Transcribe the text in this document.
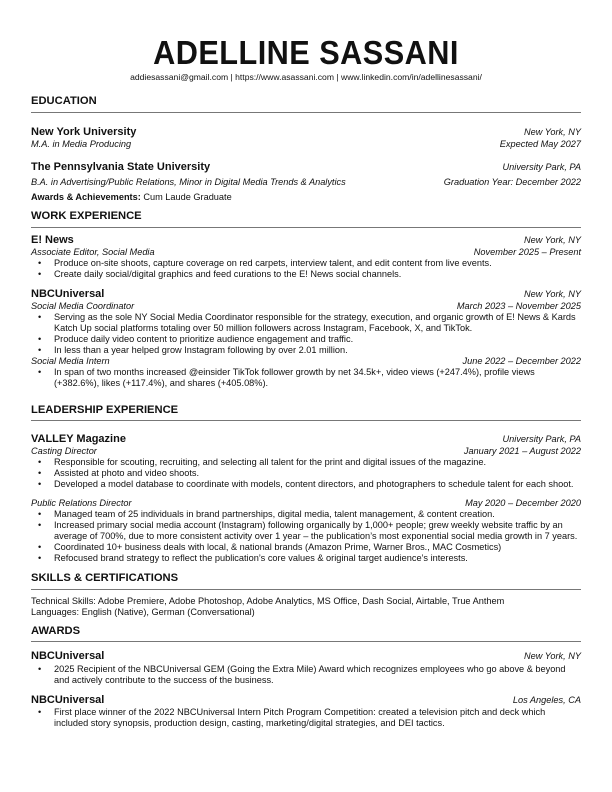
ADELLINE SASSANI
addiesassani@gmail.com | https://www.asassani.com | www.linkedin.com/in/adellinesassani/
EDUCATION
New York University	New York, NY
M.A. in Media Producing	Expected May 2027
The Pennsylvania State University	University Park, PA
B.A. in Advertising/Public Relations, Minor in Digital Media Trends & Analytics	Graduation Year: December 2022
Awards & Achievements: Cum Laude Graduate
WORK EXPERIENCE
E! News	New York, NY
Associate Editor, Social Media	November 2025 – Present
• Produce on-site shoots, capture coverage on red carpets, interview talent, and edit content from live events.
• Create daily social/digital graphics and feed curations to the E! News social channels.
NBCUniversal	New York, NY
Social Media Coordinator	March 2023 – November 2025
• Serving as the sole NY Social Media Coordinator responsible for the strategy, execution, and organic growth of E! News & Kards Katch Up social platforms totaling over 50 million followers across Instagram, Facebook, X, and TikTok.
• Produce daily video content to prioritize audience engagement and traffic.
• In less than a year helped grow Instagram following by over 2.01 million.
Social Media Intern	June 2022 – December 2022
• In span of two months increased @einsider TikTok follower growth by net 34.5k+, video views (+247.4%), profile views (+382.6%), likes (+117.4%), and shares (+405.08%).
LEADERSHIP EXPERIENCE
VALLEY Magazine	University Park, PA
Casting Director	January 2021 – August 2022
• Responsible for scouting, recruiting, and selecting all talent for the print and digital issues of the magazine.
• Assisted at photo and video shoots.
• Developed a model database to coordinate with models, content directors, and photographers to schedule talent for each shoot.
Public Relations Director	May 2020 – December 2020
• Managed team of 25 individuals in brand partnerships, digital media, talent management, & content creation.
• Increased primary social media account (Instagram) following organically by 1,000+ people; grew weekly website traffic by an average of 700%, due to more consistent activity over 1 year – the publication’s most exponential social media growth in 7 years.
• Coordinated 10+ business deals with local, & national brands (Amazon Prime, Warner Bros., MAC Cosmetics)
• Refocused brand strategy to reflect the publication’s core values & original target audience’s interests.
SKILLS & CERTIFICATIONS
Technical Skills: Adobe Premiere, Adobe Photoshop, Adobe Analytics, MS Office, Dash Social, Airtable, True Anthem
Languages: English (Native), German (Conversational)
AWARDS
NBCUniversal	New York, NY
• 2025 Recipient of the NBCUniversal GEM (Going the Extra Mile) Award which recognizes employees who go above & beyond and actively contribute to the success of the business.
NBCUniversal	Los Angeles, CA
• First place winner of the 2022 NBCUniversal Intern Pitch Program Competition: created a television pitch and deck which included story synopsis, production design, casting, marketing/digital strategies, and DEI tactics.
